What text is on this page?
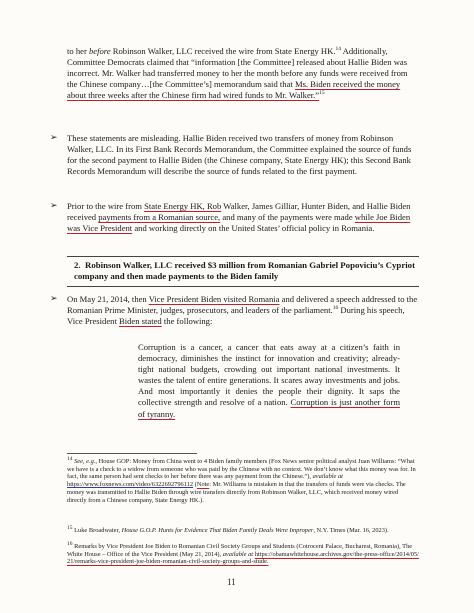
to her before Robinson Walker, LLC received the wire from State Energy HK.$^{14}$ Additionally, Committee Democrats claimed that “information [the Committee] released about Hallie Biden was incorrect. Mr. Walker had transferred money to her the month before any funds were received from the Chinese company…[the Committee’s] memorandum said that Ms. Biden received the money about three weeks after the Chinese firm had wired funds to Mr. Walker.”$^{15}$

➢ These statements are misleading. Hallie Biden received two transfers of money from Robinson Walker, LLC. In its First Bank Records Memorandum, the Committee explained the source of funds for the second payment to Hallie Biden (the Chinese company, State Energy HK); this Second Bank Records Memorandum will describe the source of funds related to the first payment.

➢ Prior to the wire from State Energy HK, Rob Walker, James Gilliar, Hunter Biden, and Hallie Biden received payments from a Romanian source, and many of the payments were made while Joe Biden was Vice President and working directly on the United States’ official policy in Romania.

2. Robinson Walker, LLC received $3 million from Romanian Gabriel Popoviciu’s Cypriot company and then made payments to the Biden family
➢ On May 21, 2014, then Vice President Biden visited Romania and delivered a speech addressed to the Romanian Prime Minister, judges, prosecutors, and leaders of the parliament.$^{16}$ During his speech, Vice President Biden stated the following:

Corruption is a cancer, a cancer that eats away at a citizen’s faith in democracy, diminishes the instinct for innovation and creativity; already-tight national budgets, crowding out important national investments. It wastes the talent of entire generations. It scares away investments and jobs. And most importantly it denies the people their dignity. It saps the collective strength and resolve of a nation. Corruption is just another form of tyranny.

$^{14}$ See, e.g., House GOP: Money from China went to 4 Biden family members (Fox News senior political analyst Juan Williams: “What we have is a check to a widow from someone who was paid by the Chinese with no context. We don’t know what this money was for. In fact, the same person had sent checks to her before there was any payment from the Chinese.”), available at https://www.foxnews.com/video/6322692796112 (Note: Mr. Williams is mistaken in that the transfers of funds were via checks. The money was transmitted to Hallie Biden through wire transfers directly from Robinson Walker, LLC, which received money wired directly from a Chinese company, State Energy HK.).

$^{15}$ Luke Broadwater, House G.O.P. Hunts for Evidence That Biden Family Deals Were Improper, N.Y. Times (Mar. 16, 2023).

$^{16}$ Remarks by Vice President Joe Biden to Romanian Civil Society Groups and Students (Cotroceni Palace, Bucharest, Romania), The White House – Office of the Vice President (May 21, 2014), available at https://obamawhitehouse.archives.gov/the-press-office/2014/05/21/remarks-vice-president-joe-biden-romanian-civil-society-groups-and-stude.

11
